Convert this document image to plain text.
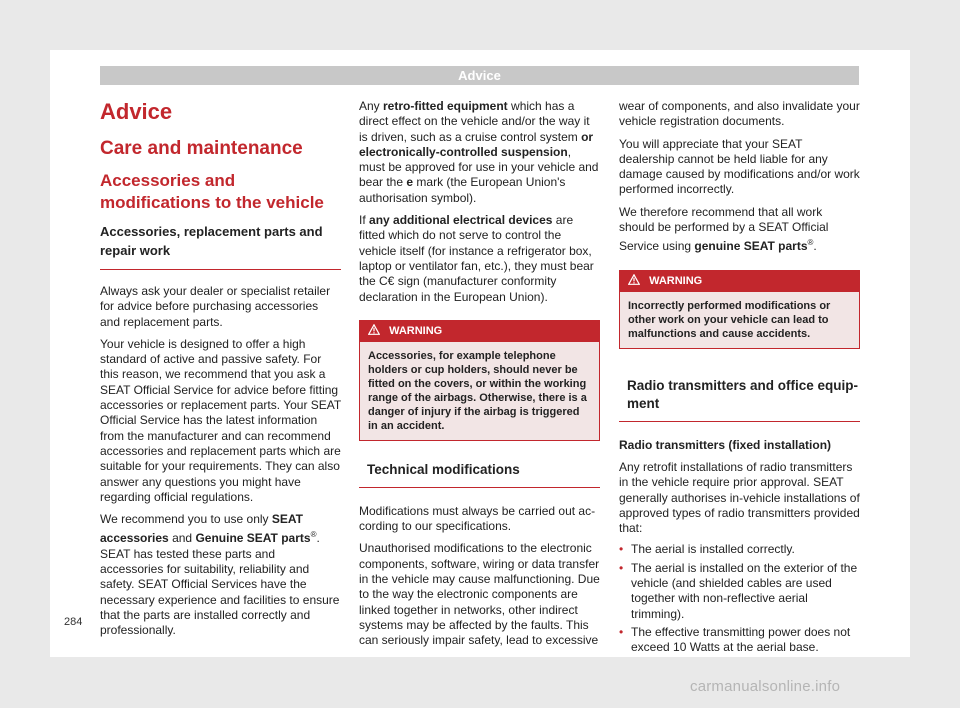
Advice
Advice
Care and maintenance
Accessories and modifications to the vehicle
Accessories, replacement parts and repair work

Always ask your dealer or specialist retailer for advice before purchasing accessories and replacement parts.

Your vehicle is designed to offer a high standard of active and passive safety. For this reason, we recommend that you ask a SEAT Official Service for advice before fitting accessories or replacement parts. Your SEAT Official Service has the latest information from the manufacturer and can recommend accessories and replacement parts which are suitable for your requirements. They can also answer any questions you might have regarding official regulations.

We recommend you to use only SEAT accessories and Genuine SEAT parts®. SEAT has tested these parts and accessories for suitability, reliability and safety. SEAT Official Services have the necessary experience and facilities to ensure that the parts are installed correctly and professionally.

Any retro-fitted equipment which has a direct effect on the vehicle and/or the way it is driven, such as a cruise control system or electronically-controlled suspension, must be approved for use in your vehicle and bear the e mark (the European Union's authorisation symbol).

If any additional electrical devices are fitted which do not serve to control the vehicle itself (for instance a refrigerator box, laptop or ventilator fan, etc.), they must bear the C€ sign (manufacturer conformity declaration in the European Union).

WARNING
Accessories, for example telephone holders or cup holders, should never be fitted on the covers, or within the working range of the airbags. Otherwise, there is a danger of injury if the airbag is triggered in an accident.
Technical modifications

Modifications must always be carried out according to our specifications.

Unauthorised modifications to the electronic components, software, wiring or data transfer in the vehicle may cause malfunctioning. Due to the way the electronic components are linked together in networks, other indirect systems may be affected by the faults. This can seriously impair safety, lead to excessive

wear of components, and also invalidate your vehicle registration documents.

You will appreciate that your SEAT dealership cannot be held liable for any damage caused by modifications and/or work performed incorrectly.

We therefore recommend that all work should be performed by a SEAT Official Service using genuine SEAT parts®.

WARNING
Incorrectly performed modifications or other work on your vehicle can lead to malfunctions and cause accidents.
Radio transmitters and office equipment

Radio transmitters (fixed installation)

Any retrofit installations of radio transmitters in the vehicle require prior approval. SEAT generally authorises in-vehicle installations of approved types of radio transmitters provided that:

• The aerial is installed correctly.
• The aerial is installed on the exterior of the vehicle (and shielded cables are used together with non-reflective aerial trimming).
• The effective transmitting power does not exceed 10 Watts at the aerial base.
284
carmanualsonline.info
